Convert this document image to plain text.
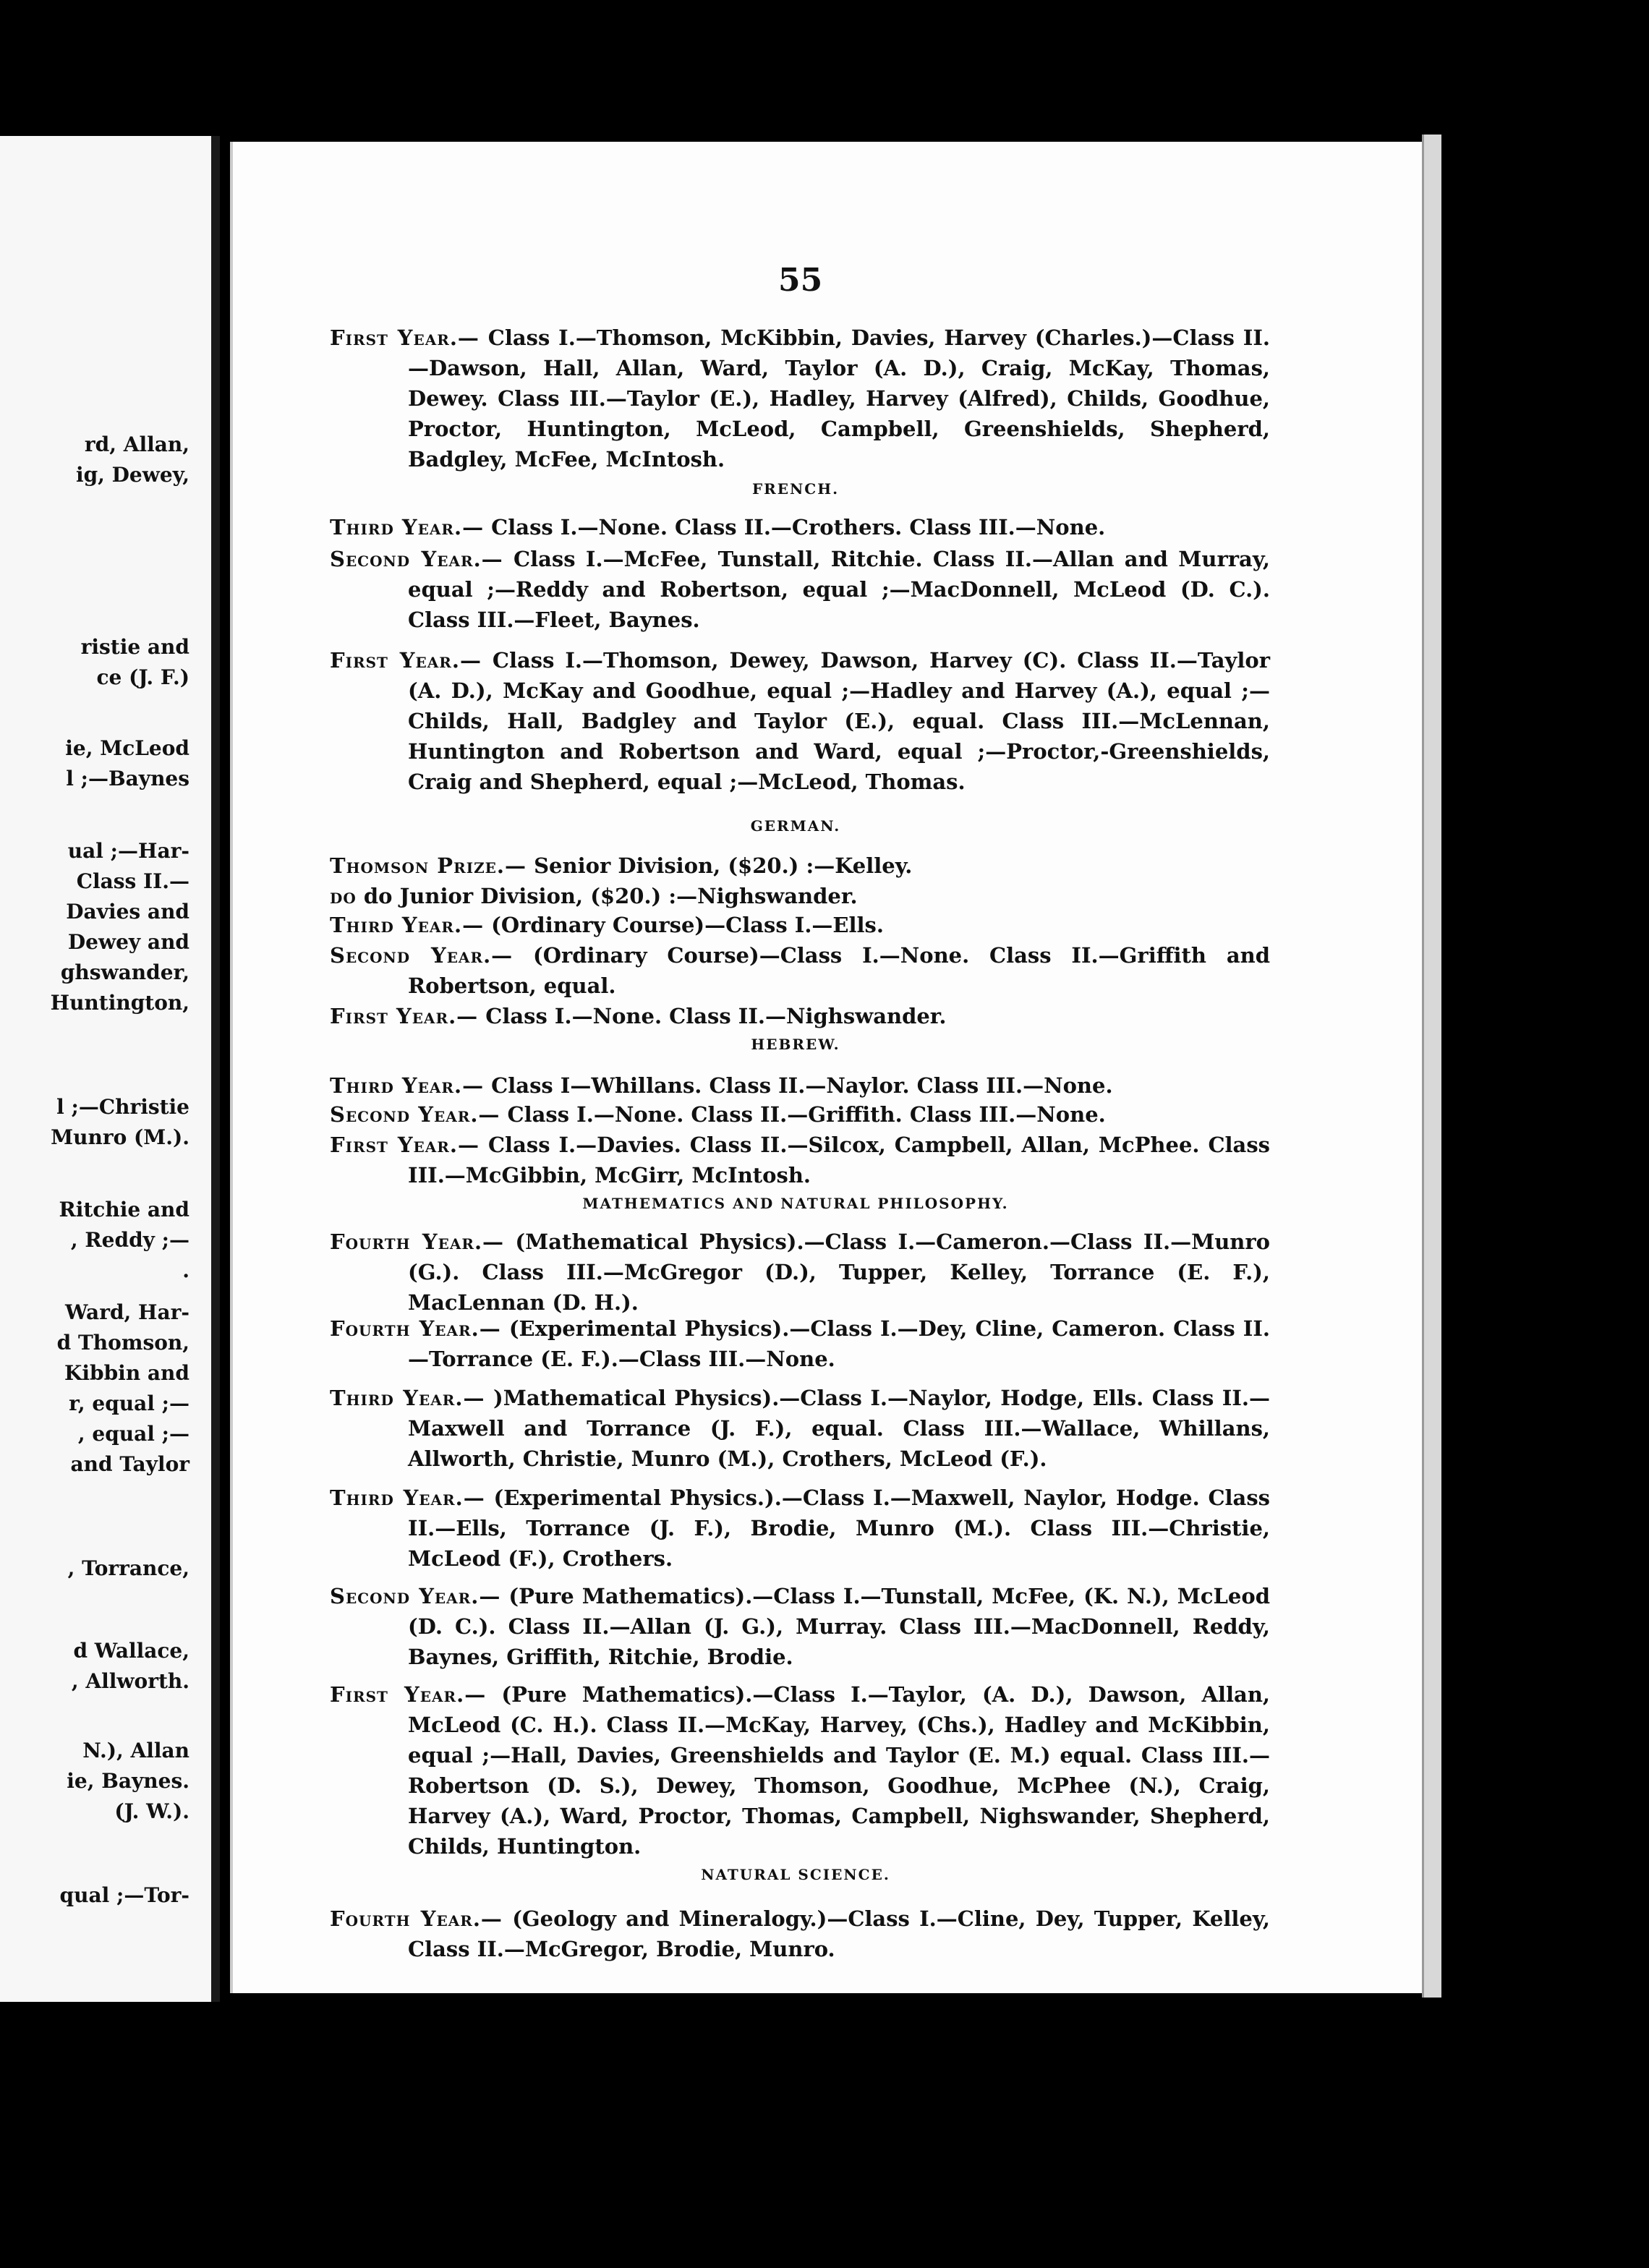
rd, Allan,
ig, Dewey,
ristie and
ce (J. F.)
ie, McLeod
l ;—Baynes
ual ;—Har-
Class II.—
Davies and
Dewey and
ghswander,
Huntington,
l ;—Christie
Munro (M.).
Ritchie and
, Reddy ;—
.
Ward, Har-
d Thomson,
Kibbin and
r, equal ;—
, equal ;—
and Taylor
, Torrance,
d Wallace,
, Allworth.
N.), Allan
ie, Baynes.
(J. W.).
qual ;—Tor-
55
First Year.— Class I.—Thomson, McKibbin, Davies, Harvey (Charles.)—Class II.—Dawson, Hall, Allan, Ward, Taylor (A. D.), Craig, McKay, Thomas, Dewey. Class III.—Taylor (E.), Hadley, Harvey (Alfred), Childs, Goodhue, Proctor, Huntington, McLeod, Campbell, Greenshields, Shepherd, Badgley, McFee, McIntosh.
FRENCH.
Third Year.— Class I.—None. Class II.—Crothers. Class III.—None.
Second Year.— Class I.—McFee, Tunstall, Ritchie. Class II.—Allan and Murray, equal ;—Reddy and Robertson, equal ;—MacDonnell, McLeod (D. C.). Class III.—Fleet, Baynes.
First Year.— Class I.—Thomson, Dewey, Dawson, Harvey (C). Class II.—Taylor (A. D.), McKay and Goodhue, equal ;—Hadley and Harvey (A.), equal ;—Childs, Hall, Badgley and Taylor (E.), equal. Class III.—McLennan, Huntington and Robertson and Ward, equal ;—Proctor,-Greenshields, Craig and Shepherd, equal ;—McLeod, Thomas.
GERMAN.
Thomson Prize.— Senior Division, ($20.) :—Kelley.
do do Junior Division, ($20.) :—Nighswander.
Third Year.— (Ordinary Course)—Class I.—Ells.
Second Year.— (Ordinary Course)—Class I.—None. Class II.—Griffith and Robertson, equal.
First Year.— Class I.—None. Class II.—Nighswander.
HEBREW.
Third Year.— Class I—Whillans. Class II.—Naylor. Class III.—None.
Second Year.— Class I.—None. Class II.—Griffith. Class III.—None.
First Year.— Class I.—Davies. Class II.—Silcox, Campbell, Allan, McPhee. Class III.—McGibbin, McGirr, McIntosh.
MATHEMATICS AND NATURAL PHILOSOPHY.
Fourth Year.— (Mathematical Physics).—Class I.—Cameron.—Class II.—Munro (G.). Class III.—McGregor (D.), Tupper, Kelley, Torrance (E. F.), MacLennan (D. H.).
Fourth Year.— (Experimental Physics).—Class I.—Dey, Cline, Cameron. Class II.—Torrance (E. F.).—Class III.—None.
Third Year.— )Mathematical Physics).—Class I.—Naylor, Hodge, Ells. Class II.—Maxwell and Torrance (J. F.), equal. Class III.—Wallace, Whillans, Allworth, Christie, Munro (M.), Crothers, McLeod (F.).
Third Year.— (Experimental Physics.).—Class I.—Maxwell, Naylor, Hodge. Class II.—Ells, Torrance (J. F.), Brodie, Munro (M.). Class III.—Christie, McLeod (F.), Crothers.
Second Year.— (Pure Mathematics).—Class I.—Tunstall, McFee, (K. N.), McLeod (D. C.). Class II.—Allan (J. G.), Murray. Class III.—MacDonnell, Reddy, Baynes, Griffith, Ritchie, Brodie.
First Year.— (Pure Mathematics).—Class I.—Taylor, (A. D.), Dawson, Allan, McLeod (C. H.). Class II.—McKay, Harvey, (Chs.), Hadley and McKibbin, equal ;—Hall, Davies, Greenshields and Taylor (E. M.) equal. Class III.—Robertson (D. S.), Dewey, Thomson, Goodhue, McPhee (N.), Craig, Harvey (A.), Ward, Proctor, Thomas, Campbell, Nighswander, Shepherd, Childs, Huntington.
NATURAL SCIENCE.
Fourth Year.— (Geology and Mineralogy.)—Class I.—Cline, Dey, Tupper, Kelley, Class II.—McGregor, Brodie, Munro.
